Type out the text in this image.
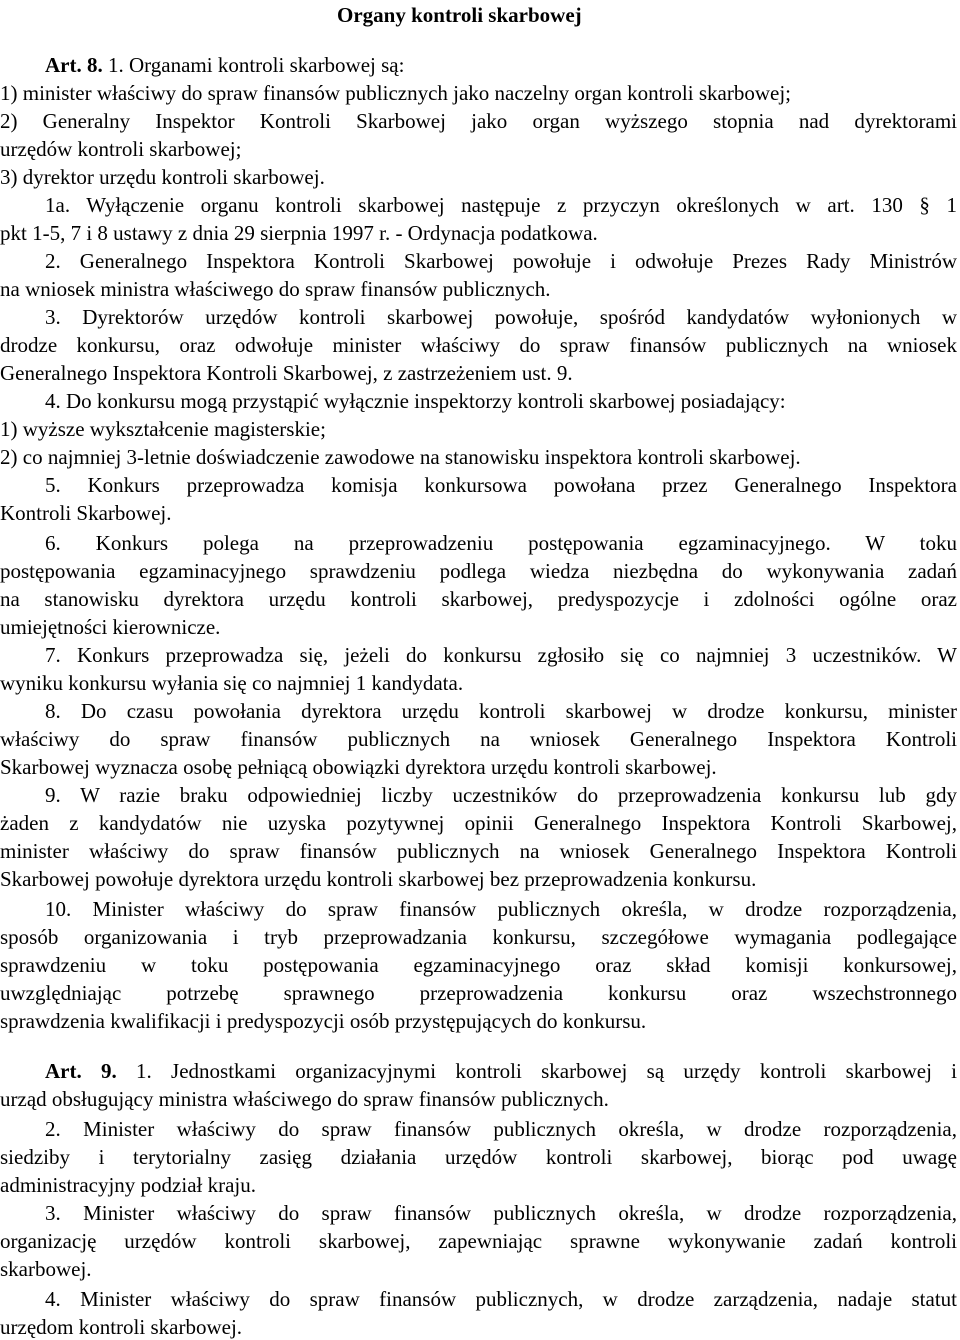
Organy kontroli skarbowej
Art. 8. 1. Organami kontroli skarbowej są:
1) minister właściwy do spraw finansów publicznych jako naczelny organ kontroli skarbowej;
2) Generalny Inspektor Kontroli Skarbowej jako organ wyższego stopnia nad dyrektorami
urzędów kontroli skarbowej;
3) dyrektor urzędu kontroli skarbowej.
1a. Wyłączenie organu kontroli skarbowej następuje z przyczyn określonych w art. 130 § 1
pkt 1-5, 7 i 8 ustawy z dnia 29 sierpnia 1997 r. - Ordynacja podatkowa.
2. Generalnego Inspektora Kontroli Skarbowej powołuje i odwołuje Prezes Rady Ministrów
na wniosek ministra właściwego do spraw finansów publicznych.
3. Dyrektorów urzędów kontroli skarbowej powołuje, spośród kandydatów wyłonionych w
drodze konkursu, oraz odwołuje minister właściwy do spraw finansów publicznych na wniosek
Generalnego Inspektora Kontroli Skarbowej, z zastrzeżeniem ust. 9.
4. Do konkursu mogą przystąpić wyłącznie inspektorzy kontroli skarbowej posiadający:
1) wyższe wykształcenie magisterskie;
2) co najmniej 3-letnie doświadczenie zawodowe na stanowisku inspektora kontroli skarbowej.
5. Konkurs przeprowadza komisja konkursowa powołana przez Generalnego Inspektora
Kontroli Skarbowej.
6. Konkurs polega na przeprowadzeniu postępowania egzaminacyjnego. W toku
postępowania egzaminacyjnego sprawdzeniu podlega wiedza niezbędna do wykonywania zadań
na stanowisku dyrektora urzędu kontroli skarbowej, predyspozycje i zdolności ogólne oraz
umiejętności kierownicze.
7. Konkurs przeprowadza się, jeżeli do konkursu zgłosiło się co najmniej 3 uczestników. W
wyniku konkursu wyłania się co najmniej 1 kandydata.
8. Do czasu powołania dyrektora urzędu kontroli skarbowej w drodze konkursu, minister
właściwy do spraw finansów publicznych na wniosek Generalnego Inspektora Kontroli
Skarbowej wyznacza osobę pełniącą obowiązki dyrektora urzędu kontroli skarbowej.
9. W razie braku odpowiedniej liczby uczestników do przeprowadzenia konkursu lub gdy
żaden z kandydatów nie uzyska pozytywnej opinii Generalnego Inspektora Kontroli Skarbowej,
minister właściwy do spraw finansów publicznych na wniosek Generalnego Inspektora Kontroli
Skarbowej powołuje dyrektora urzędu kontroli skarbowej bez przeprowadzenia konkursu.
10. Minister właściwy do spraw finansów publicznych określa, w drodze rozporządzenia,
sposób organizowania i tryb przeprowadzania konkursu, szczegółowe wymagania podlegające
sprawdzeniu w toku postępowania egzaminacyjnego oraz skład komisji konkursowej,
uwzględniając potrzebę sprawnego przeprowadzenia konkursu oraz wszechstronnego
sprawdzenia kwalifikacji i predyspozycji osób przystępujących do konkursu.
Art. 9. 1. Jednostkami organizacyjnymi kontroli skarbowej są urzędy kontroli skarbowej i
urząd obsługujący ministra właściwego do spraw finansów publicznych.
2. Minister właściwy do spraw finansów publicznych określa, w drodze rozporządzenia,
siedziby i terytorialny zasięg działania urzędów kontroli skarbowej, biorąc pod uwagę
administracyjny podział kraju.
3. Minister właściwy do spraw finansów publicznych określa, w drodze rozporządzenia,
organizację urzędów kontroli skarbowej, zapewniając sprawne wykonywanie zadań kontroli
skarbowej.
4. Minister właściwy do spraw finansów publicznych, w drodze zarządzenia, nadaje statut
urzędom kontroli skarbowej.
